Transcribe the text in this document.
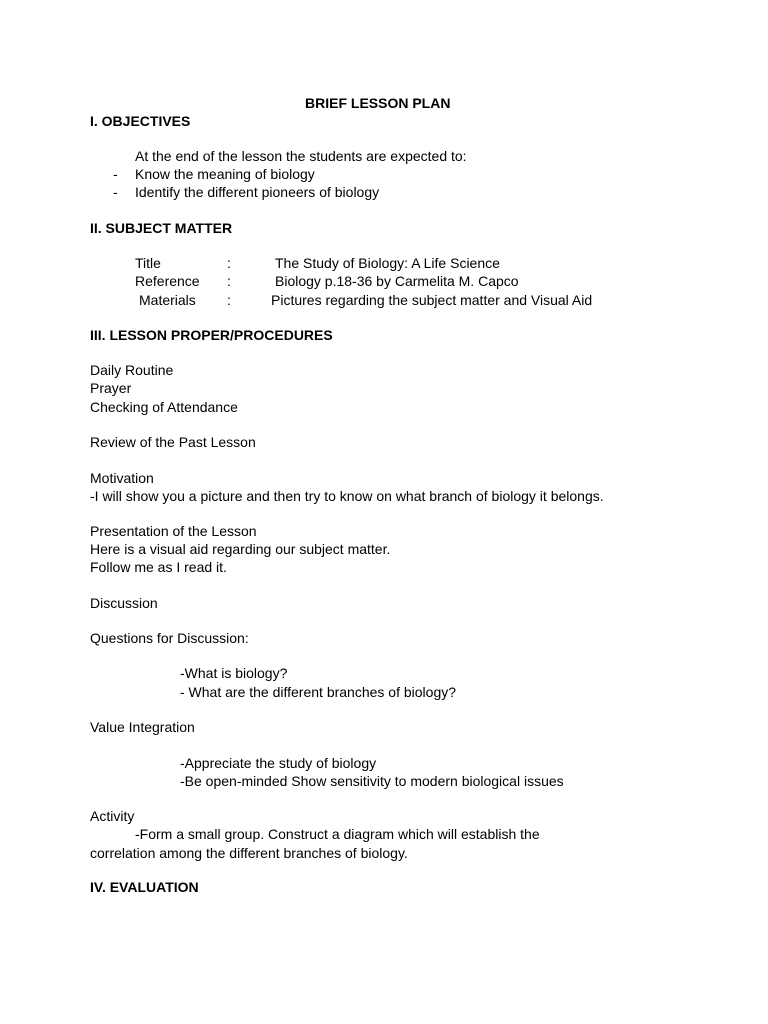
BRIEF LESSON PLAN
I. OBJECTIVES
At the end of the lesson the students are expected to:
- Know the meaning of biology
- Identify the different pioneers of biology
II. SUBJECT MATTER
Title	:	The Study of Biology: A Life Science
Reference :	Biology p.18-36 by Carmelita M. Capco
Materials :	Pictures regarding the subject matter and Visual Aid
III. LESSON PROPER/PROCEDURES
Daily Routine
Prayer
Checking of Attendance
Review of the Past Lesson
Motivation
-I will show you a picture and then try to know on what branch of biology it belongs.
Presentation of the Lesson
Here is a visual aid regarding our subject matter.
Follow me as I read it.
Discussion
Questions for Discussion:
-What is biology?
- What are the different branches of biology?
Value Integration
-Appreciate the study of biology
-Be open-minded Show sensitivity to modern biological issues
Activity
-Form a small group. Construct a diagram which will establish the
correlation among the different branches of biology.
IV. EVALUATION
